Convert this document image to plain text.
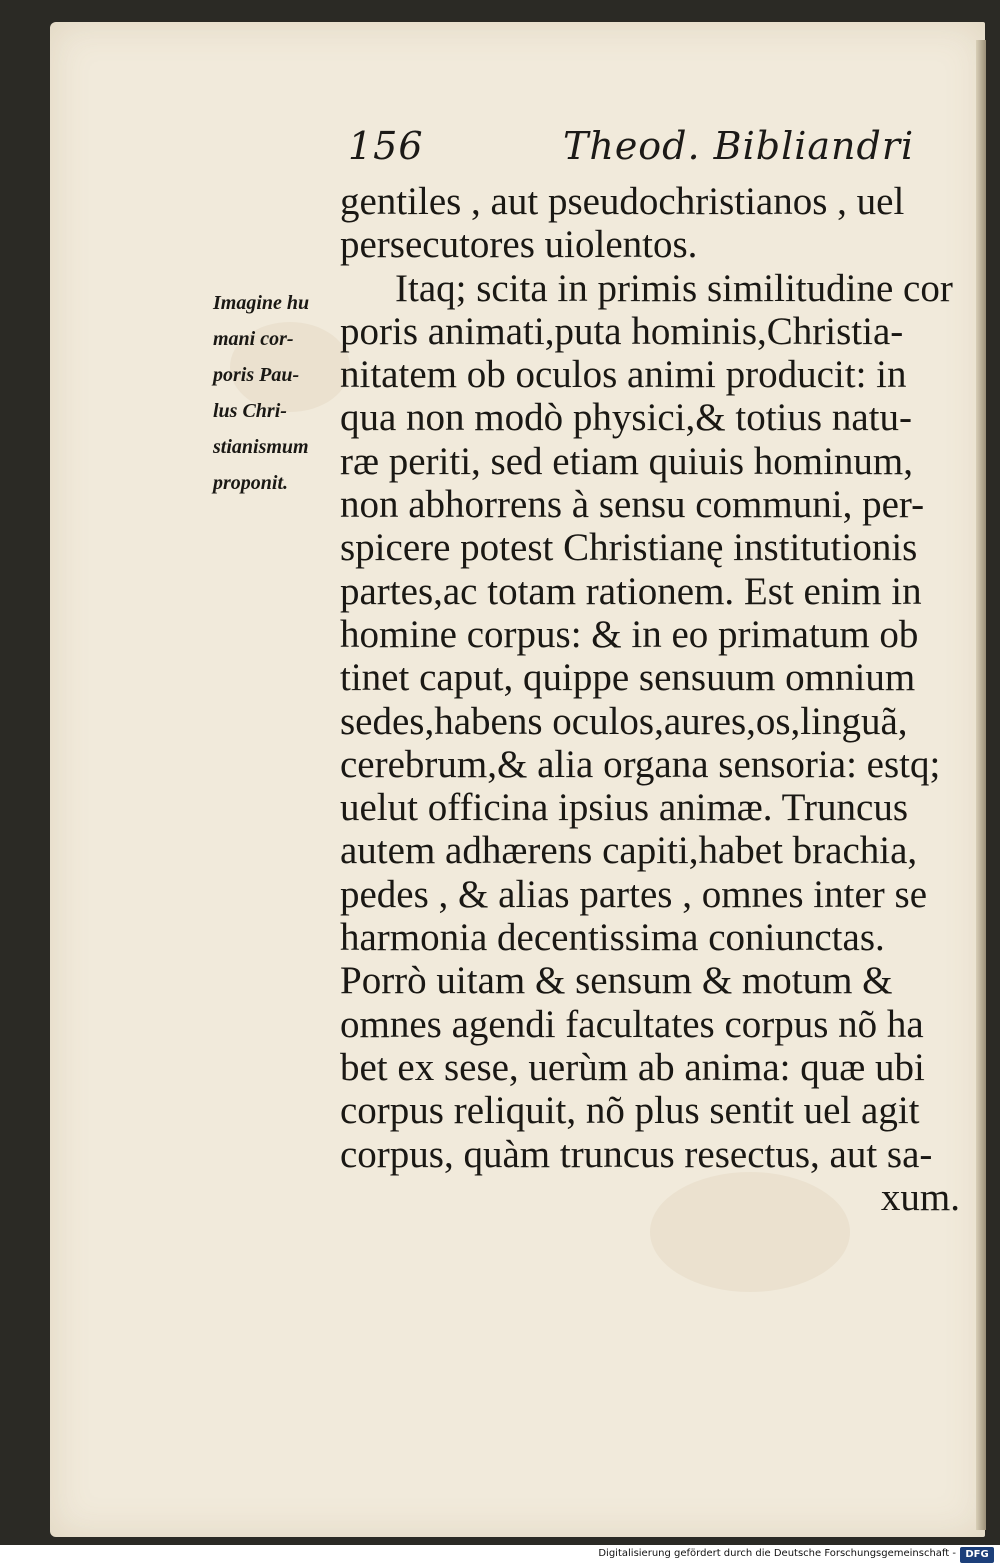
156	Theod. Bibliandri
Imagine hu
mani cor-
poris Pau-
lus Chri-
stianismum
proponit.
gentiles , aut pseudochristianos , uel
persecutores uiolentos.
Itaq; scita in primis similitudine cor
poris animati,puta hominis,Christia-
nitatem ob oculos animi producit: in
qua non modò physici,& totius natu-
ræ periti, sed etiam quiuis hominum,
non abhorrens à sensu communi, per-
spicere potest Christianę institutionis
partes,ac totam rationem. Est enim in
homine corpus: & in eo primatum ob
tinet caput, quippe sensuum omnium
sedes,habens oculos,aures,os,linguã,
cerebrum,& alia organa sensoria: estq;
uelut officina ipsius animæ. Truncus
autem adhærens capiti,habet brachia,
pedes , & alias partes , omnes inter se
harmonia decentissima coniunctas.
Porrò uitam & sensum & motum &
omnes agendi facultates corpus nõ ha
bet ex sese, uerùm ab anima: quæ ubi
corpus reliquit, nõ plus sentit uel agit
corpus, quàm truncus resectus, aut sa-
xum.
Digitalisierung gefördert durch die Deutsche Forschungsgemeinschaft - DFG
